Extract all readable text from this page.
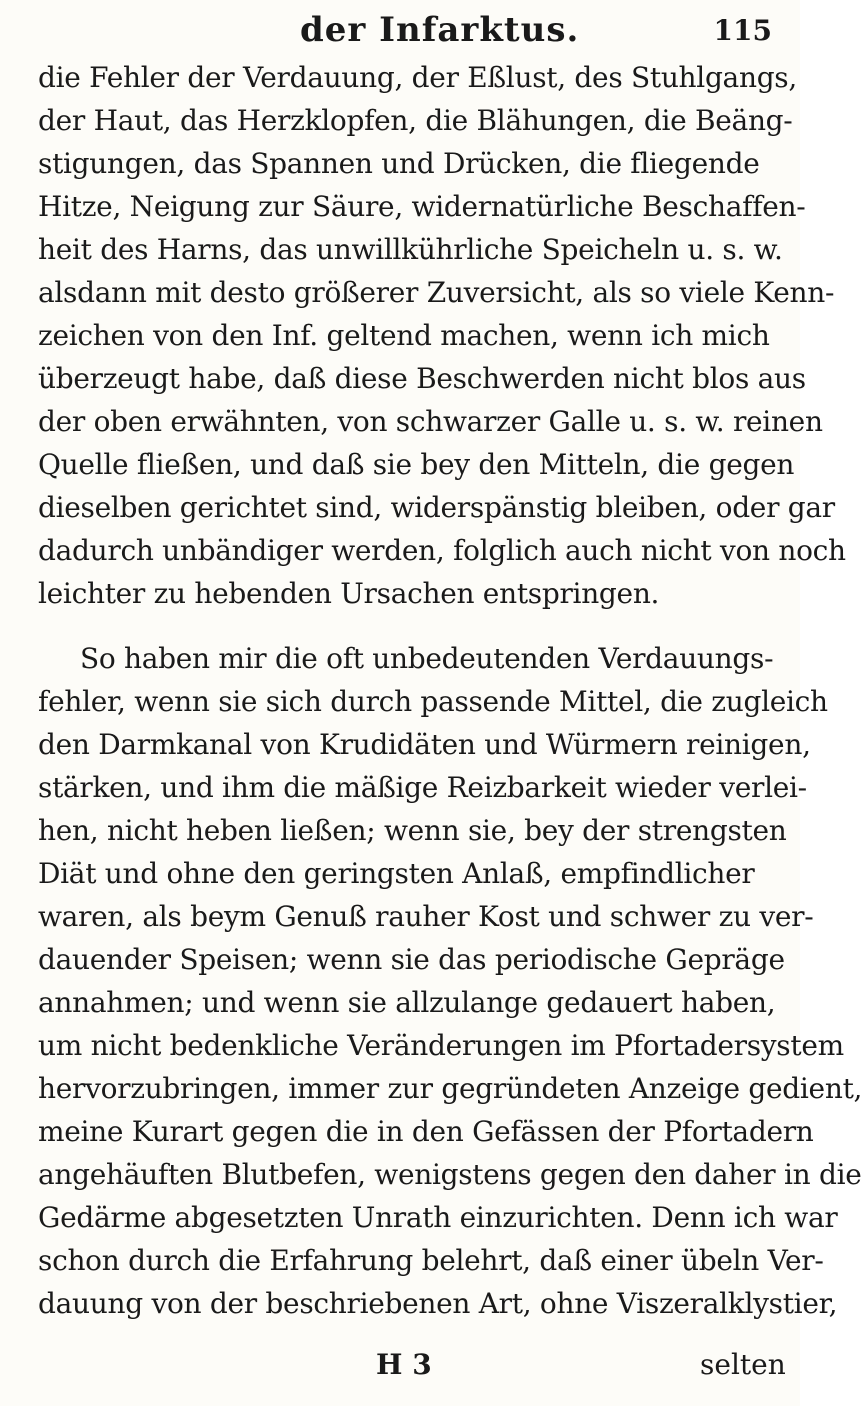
der Infarktus.	115
die Fehler der Verdauung, der Eßlust, des Stuhlgangs,
der Haut, das Herzklopfen, die Blähungen, die Beäng-
stigungen, das Spannen und Drücken, die fliegende
Hitze, Neigung zur Säure, widernatürliche Beschaffen-
heit des Harns, das unwillkührliche Speicheln u. s. w.
alsdann mit desto größerer Zuversicht, als so viele Kenn-
zeichen von den Inf. geltend machen, wenn ich mich
überzeugt habe, daß diese Beschwerden nicht blos aus
der oben erwähnten, von schwarzer Galle u. s. w. reinen
Quelle fließen, und daß sie bey den Mitteln, die gegen
dieselben gerichtet sind, widerspänstig bleiben, oder gar
dadurch unbändiger werden, folglich auch nicht von noch
leichter zu hebenden Ursachen entspringen.
So haben mir die oft unbedeutenden Verdauungs-
fehler, wenn sie sich durch passende Mittel, die zugleich
den Darmkanal von Krudidäten und Würmern reinigen,
stärken, und ihm die mäßige Reizbarkeit wieder verlei-
hen, nicht heben ließen; wenn sie, bey der strengsten
Diät und ohne den geringsten Anlaß, empfindlicher
waren, als beym Genuß rauher Kost und schwer zu ver-
dauender Speisen; wenn sie das periodische Gepräge
annahmen; und wenn sie allzulange gedauert haben,
um nicht bedenkliche Veränderungen im Pfortadersystem
hervorzubringen, immer zur gegründeten Anzeige gedient,
meine Kurart gegen die in den Gefässen der Pfortadern
angehäuften Blutbefen, wenigstens gegen den daher in die
Gedärme abgesetzten Unrath einzurichten. Denn ich war
schon durch die Erfahrung belehrt, daß einer übeln Ver-
dauung von der beschriebenen Art, ohne Viszeralklystier,
H 3	selten
